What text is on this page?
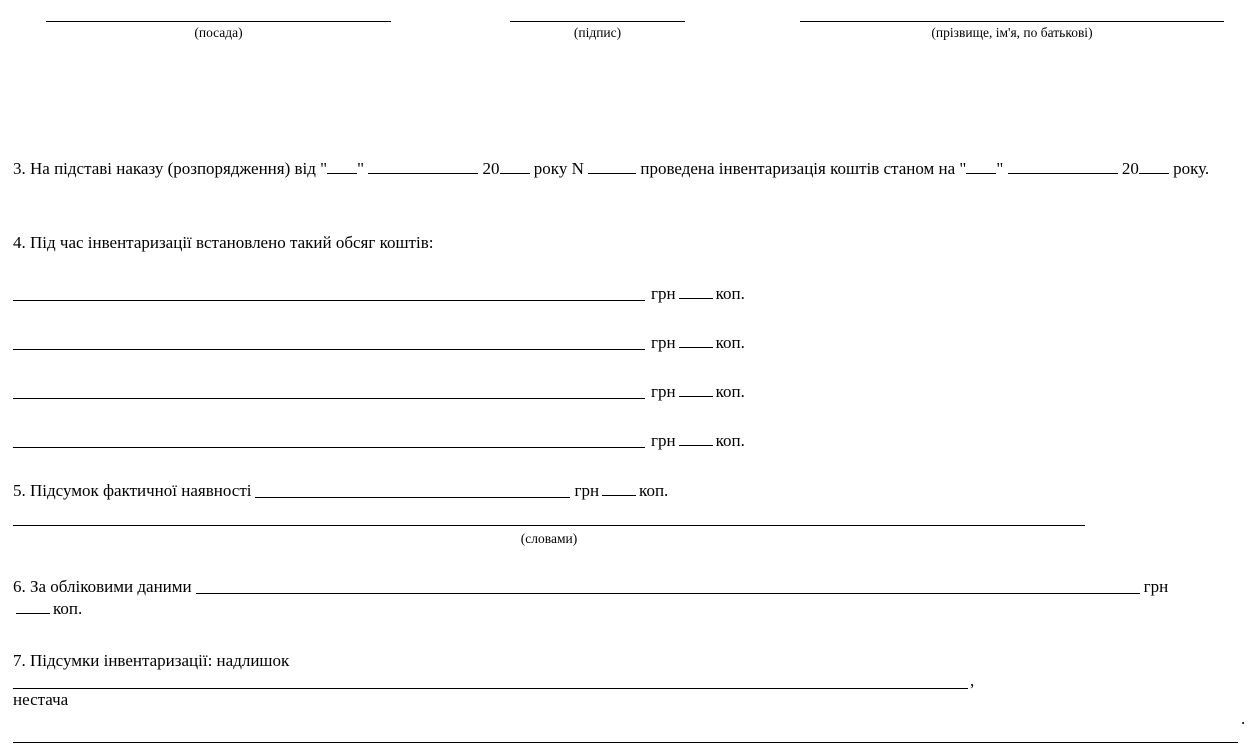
(посада)	(підпис)	(прізвище, ім'я, по батькові)

3. На підставі наказу (розпорядження) від " "	20 року N	проведена інвентаризація коштів станом на " "	20 року.

4. Під час інвентаризації встановлено такий обсяг коштів:

грн коп.
грн коп.
грн коп.
грн коп.

5. Підсумок фактичної наявності	грн коп.

(словами)

6. За обліковими даними	грн
коп.

7. Підсумки інвентаризації: надлишок

,

нестача

.
